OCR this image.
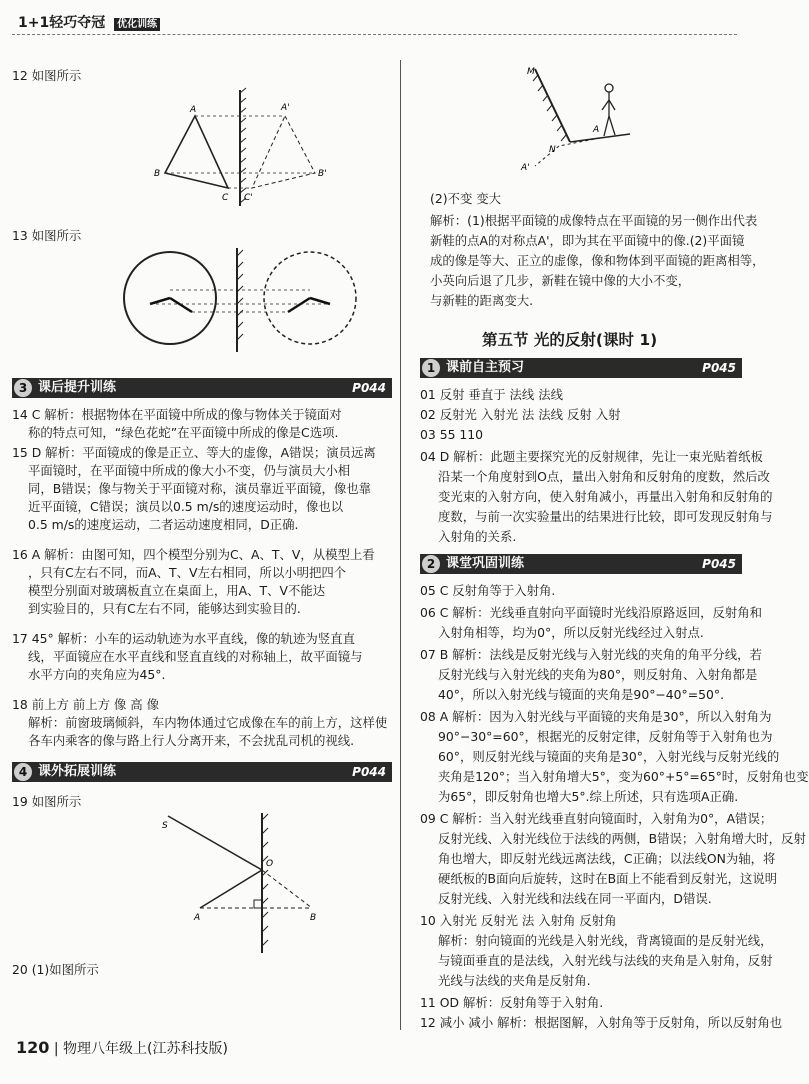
1+1轻巧夺冠 优化训练
12 如图所示
A	A'
B	B'
C C'
13 如图所示
3 课后提升训练	P044
14 C 解析：根据物体在平面镜中所成的像与物体关于镜面对
称的特点可知，“绿色花蛇”在平面镜中所成的像是C选项.
15 D 解析：平面镜成的像是正立、等大的虚像，A错误；演员远离
平面镜时，在平面镜中所成的像大小不变，仍与演员大小相
同，B错误；像与物关于平面镜对称，演员靠近平面镜，像也靠
近平面镜，C错误；演员以0.5 m/s的速度运动时，像也以
0.5 m/s的速度运动，二者运动速度相同，D正确.
16 A 解析：由图可知，四个模型分别为C、A、T、V，从模型上看
，只有C左右不同，而A、T、V左右相同，所以小明把四个
模型分别面对玻璃板直立在桌面上，用A、T、V不能达
到实验目的，只有C左右不同，能够达到实验目的.
17 45° 解析：小车的运动轨迹为水平直线，像的轨迹为竖直直
线，平面镜应在水平直线和竖直直线的对称轴上，故平面镜与
水平方向的夹角应为45°.
18 前上方 前上方 像 高 像
解析：前窗玻璃倾斜，车内物体通过它成像在车的前上方，这样使
各车内乘客的像与路上行人分离开来，不会扰乱司机的视线.
4 课外拓展训练	P044
19 如图所示
S
O
A	B
20 (1)如图所示
M
A
N
A'
(2)不变 变大
解析：(1)根据平面镜的成像特点在平面镜的另一侧作出代表
新鞋的点A的对称点A'，即为其在平面镜中的像.(2)平面镜
成的像是等大、正立的虚像，像和物体到平面镜的距离相等，
小英向后退了几步，新鞋在镜中像的大小不变，
与新鞋的距离变大.
第五节 光的反射(课时 1)
1 课前自主预习	P045
01 反射 垂直于 法线 法线
02 反射光 入射光 法 法线 反射 入射
03 55 110
04 D 解析：此题主要探究光的反射规律，先让一束光贴着纸板
沿某一个角度射到O点，量出入射角和反射角的度数，然后改
变光束的入射方向，使入射角减小，再量出入射角和反射角的
度数，与前一次实验量出的结果进行比较，即可发现反射角与
入射角的关系.
2 课堂巩固训练	P045
05 C 反射角等于入射角.
06 C 解析：光线垂直射向平面镜时光线沿原路返回，反射角和
入射角相等，均为0°，所以反射光线经过入射点.
07 B 解析：法线是反射光线与入射光线的夹角的角平分线，若
反射光线与入射光线的夹角为80°，则反射角、入射角都是
40°，所以入射光线与镜面的夹角是90°−40°=50°.
08 A 解析：因为入射光线与平面镜的夹角是30°，所以入射角为
90°−30°=60°，根据光的反射定律，反射角等于入射角也为
60°，则反射光线与镜面的夹角是30°，入射光线与反射光线的
夹角是120°；当入射角增大5°，变为60°+5°=65°时，反射角也变
为65°，即反射角也增大5°.综上所述，只有选项A正确.
09 C 解析：当入射光线垂直射向镜面时，入射角为0°，A错误；
反射光线、入射光线位于法线的两侧，B错误；入射角增大时，反射
角也增大，即反射光线远离法线，C正确；以法线ON为轴，将
硬纸板的B面向后旋转，这时在B面上不能看到反射光，这说明
反射光线、入射光线和法线在同一平面内，D错误.
10 入射光 反射光 法 入射角 反射角
解析：射向镜面的光线是入射光线，背离镜面的是反射光线，
与镜面垂直的是法线，入射光线与法线的夹角是入射角，反射
光线与法线的夹角是反射角.
11 OD 解析：反射角等于入射角.
12 减小 减小 解析：根据图解，入射角等于反射角，所以反射角也
120 | 物理八年级上(江苏科技版)
